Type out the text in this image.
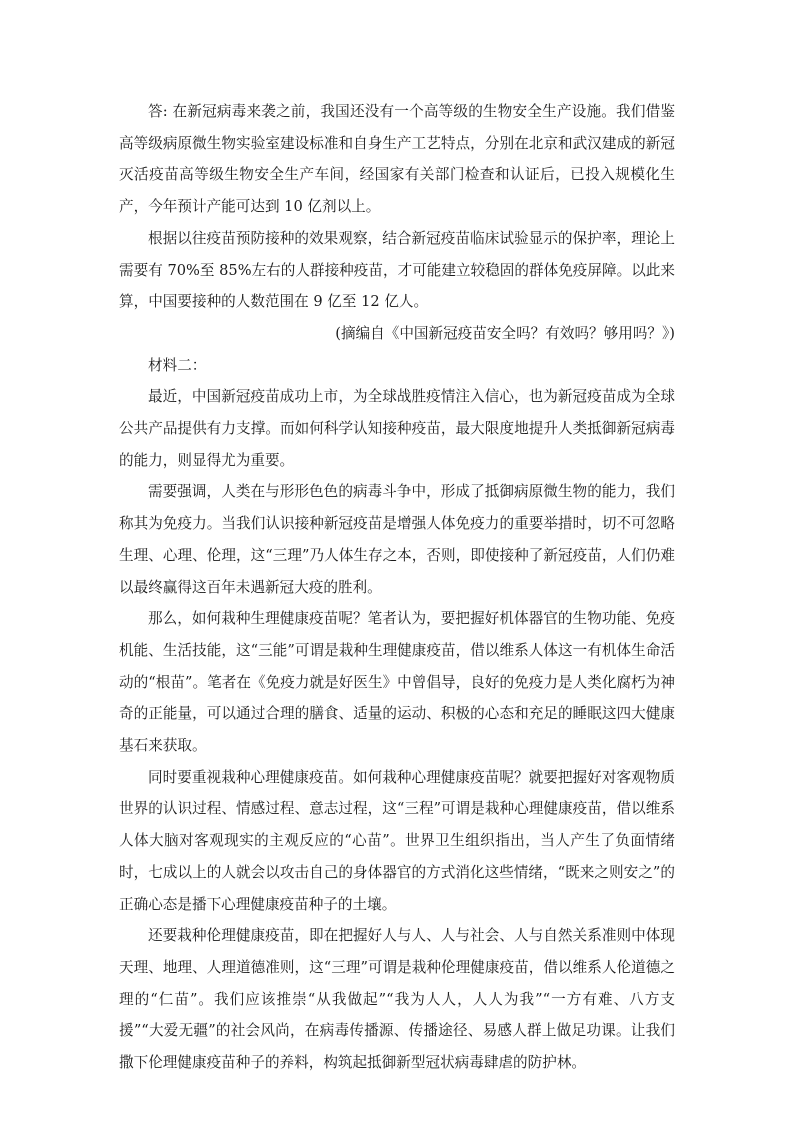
答: 在新冠病毒来袭之前，我国还没有一个高等级的生物安全生产设施。我们借鉴高等级病原微生物实验室建设标准和自身生产工艺特点，分别在北京和武汉建成的新冠灭活疫苗高等级生物安全生产车间，经国家有关部门检查和认证后，已投入规模化生产，今年预计产能可达到 10 亿剂以上。

根据以往疫苗预防接种的效果观察，结合新冠疫苗临床试验显示的保护率，理论上需要有 70%至 85%左右的人群接种疫苗，才可能建立较稳固的群体免疫屏障。以此来算，中国要接种的人数范围在 9 亿至 12 亿人。

(摘编自《中国新冠疫苗安全吗？有效吗？够用吗？》)

材料二：

最近，中国新冠疫苗成功上市，为全球战胜疫情注入信心，也为新冠疫苗成为全球公共产品提供有力支撑。而如何科学认知接种疫苗，最大限度地提升人类抵御新冠病毒的能力，则显得尤为重要。

需要强调，人类在与形形色色的病毒斗争中，形成了抵御病原微生物的能力，我们称其为免疫力。当我们认识接种新冠疫苗是增强人体免疫力的重要举措时，切不可忽略生理、心理、伦理，这“三理”乃人体生存之本，否则，即使接种了新冠疫苗，人们仍难以最终赢得这百年未遇新冠大疫的胜利。

那么，如何栽种生理健康疫苗呢？笔者认为，要把握好机体器官的生物功能、免疫机能、生活技能，这“三能”可谓是栽种生理健康疫苗，借以维系人体这一有机体生命活动的“根苗”。笔者在《免疫力就是好医生》中曾倡导，良好的免疫力是人类化腐朽为神奇的正能量，可以通过合理的膳食、适量的运动、积极的心态和充足的睡眠这四大健康基石来获取。

同时要重视栽种心理健康疫苗。如何栽种心理健康疫苗呢？就要把握好对客观物质世界的认识过程、情感过程、意志过程，这“三程”可谓是栽种心理健康疫苗，借以维系人体大脑对客观现实的主观反应的“心苗”。世界卫生组织指出，当人产生了负面情绪时，七成以上的人就会以攻击自己的身体器官的方式消化这些情绪，“既来之则安之”的正确心态是播下心理健康疫苗种子的土壤。

还要栽种伦理健康疫苗，即在把握好人与人、人与社会、人与自然关系准则中体现天理、地理、人理道德准则，这“三理”可谓是栽种伦理健康疫苗，借以维系人伦道德之理的“仁苗”。我们应该推崇“从我做起”“我为人人，人人为我”“一方有难、八方支援”“大爱无疆”的社会风尚，在病毒传播源、传播途径、易感人群上做足功课。让我们撒下伦理健康疫苗种子的养料，构筑起抵御新型冠状病毒肆虐的防护林。
